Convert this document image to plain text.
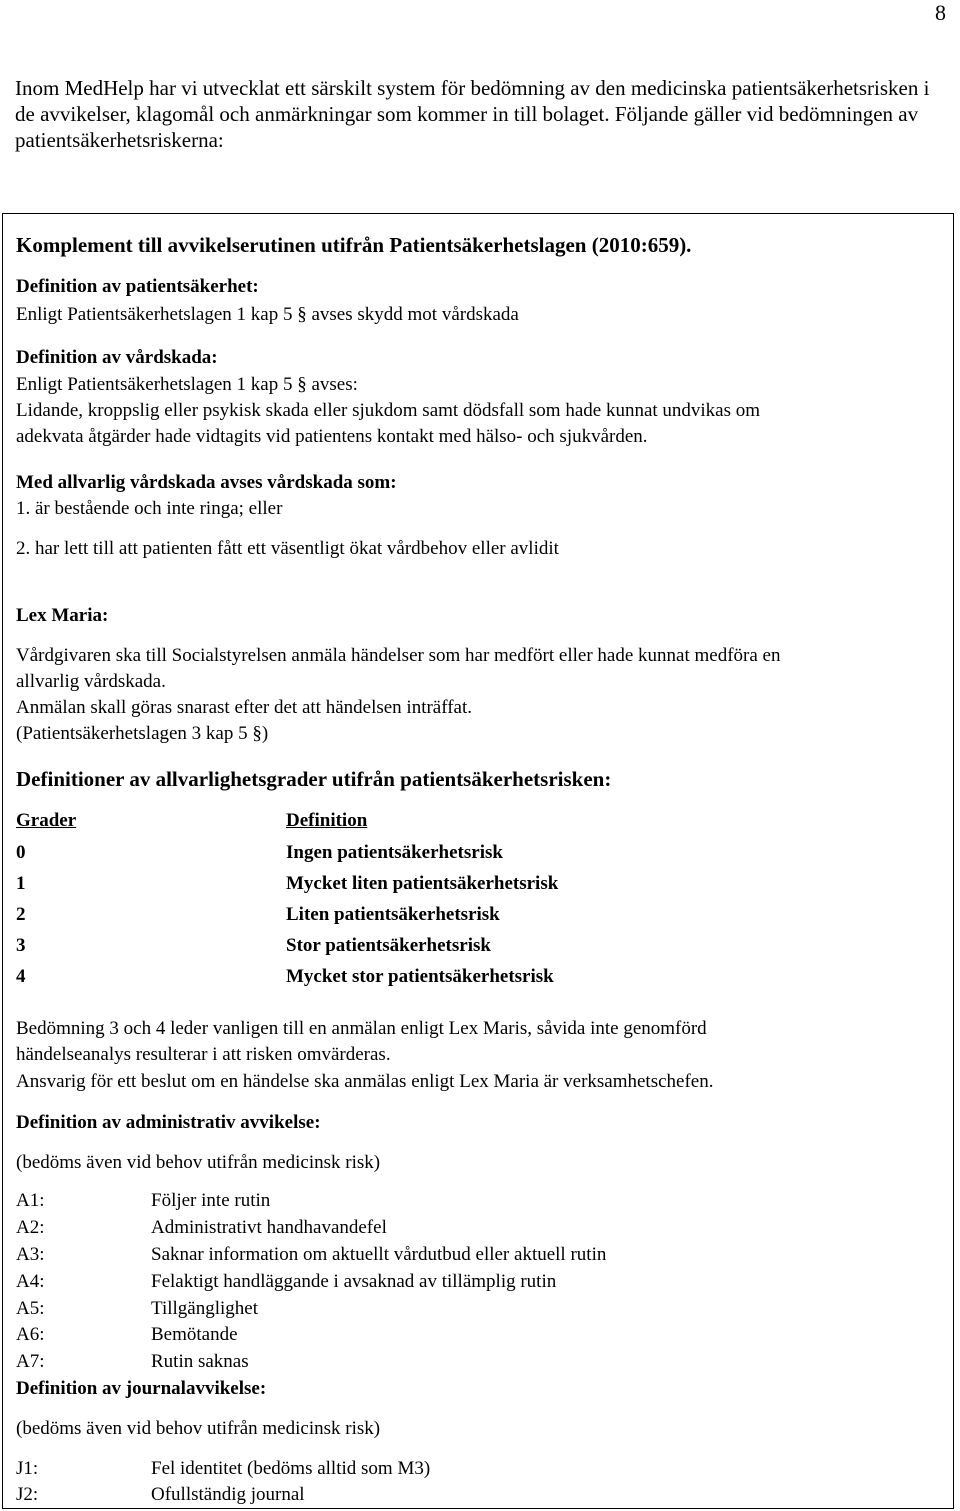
8
Inom MedHelp har vi utvecklat ett särskilt system för bedömning av den medicinska patientsäkerhetsrisken i de avvikelser, klagomål och anmärkningar som kommer in till bolaget. Följande gäller vid bedömningen av patientsäkerhetsriskerna:
Komplement till avvikelserutinen utifrån Patientsäkerhetslagen (2010:659).
Definition av patientsäkerhet:
Enligt Patientsäkerhetslagen 1 kap 5 § avses skydd mot vårdskada
Definition av vårdskada:
Enligt Patientsäkerhetslagen 1 kap 5 § avses:
Lidande, kroppslig eller psykisk skada eller sjukdom samt dödsfall som hade kunnat undvikas om
adekvata åtgärder hade vidtagits vid patientens kontakt med hälso- och sjukvården.
Med allvarlig vårdskada avses vårdskada som:
1. är bestående och inte ringa; eller
2. har lett till att patienten fått ett väsentligt ökat vårdbehov eller avlidit
Lex Maria:
Vårdgivaren ska till Socialstyrelsen anmäla händelser som har medfört eller hade kunnat medföra en
allvarlig vårdskada.
Anmälan skall göras snarast efter det att händelsen inträffat.
(Patientsäkerhetslagen 3 kap 5 §)
Definitioner av allvarlighetsgrader utifrån patientsäkerhetsrisken:
Grader	Definition
0	Ingen patientsäkerhetsrisk
1	Mycket liten patientsäkerhetsrisk
2	Liten patientsäkerhetsrisk
3	Stor patientsäkerhetsrisk
4	Mycket stor patientsäkerhetsrisk
Bedömning 3 och 4 leder vanligen till en anmälan enligt Lex Maris, såvida inte genomförd
händelseanalys resulterar i att risken omvärderas.
Ansvarig för ett beslut om en händelse ska anmälas enligt Lex Maria är verksamhetschefen.
Definition av administrativ avvikelse:
(bedöms även vid behov utifrån medicinsk risk)
A1:	Följer inte rutin
A2:	Administrativt handhavandefel
A3:	Saknar information om aktuellt vårdutbud eller aktuell rutin
A4:	Felaktigt handläggande i avsaknad av tillämplig rutin
A5:	Tillgänglighet
A6:	Bemötande
A7:	Rutin saknas
Definition av journalavvikelse:
(bedöms även vid behov utifrån medicinsk risk)
J1:	Fel identitet (bedöms alltid som M3)
J2:	Ofullständig journal
